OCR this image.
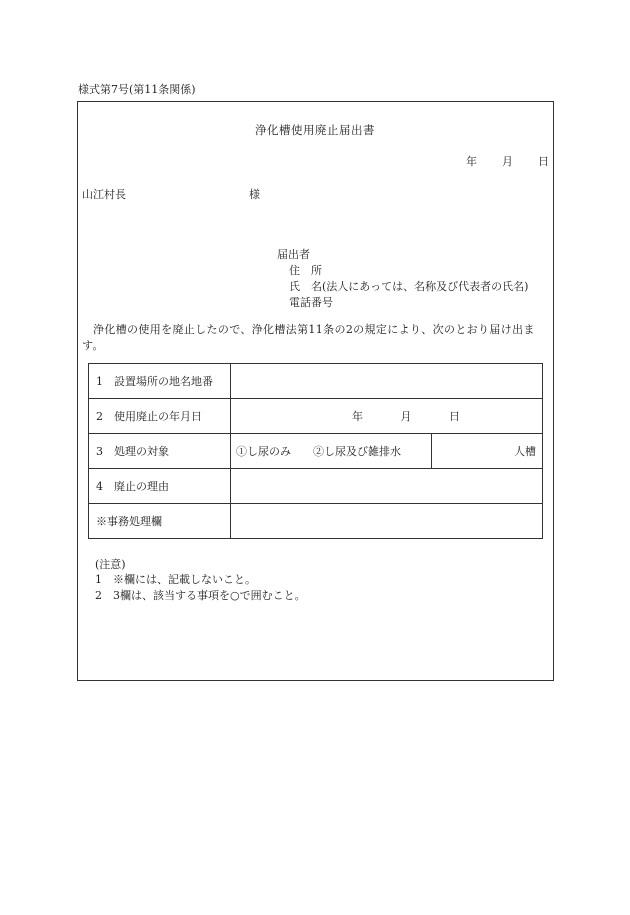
様式第7号(第11条関係)
浄化槽使用廃止届出書
年 月 日
山江村長	様
届出者
住　所
氏　名(法人にあっては、名称及び代表者の氏名)
電話番号
浄化槽の使用を廃止したので、浄化槽法第11条の2の規定により、次のとおり届け出ます。
1　設置場所の地名地番	
2　使用廃止の年月日	年	月	日
3　処理の対象		①し尿のみ　　②し尿及び雑排水	人槽

4　廃止の理由	
※事務処理欄	
(注意)
1　※欄には、記載しないこと。
2　3欄は、該当する事項を○で囲むこと。
